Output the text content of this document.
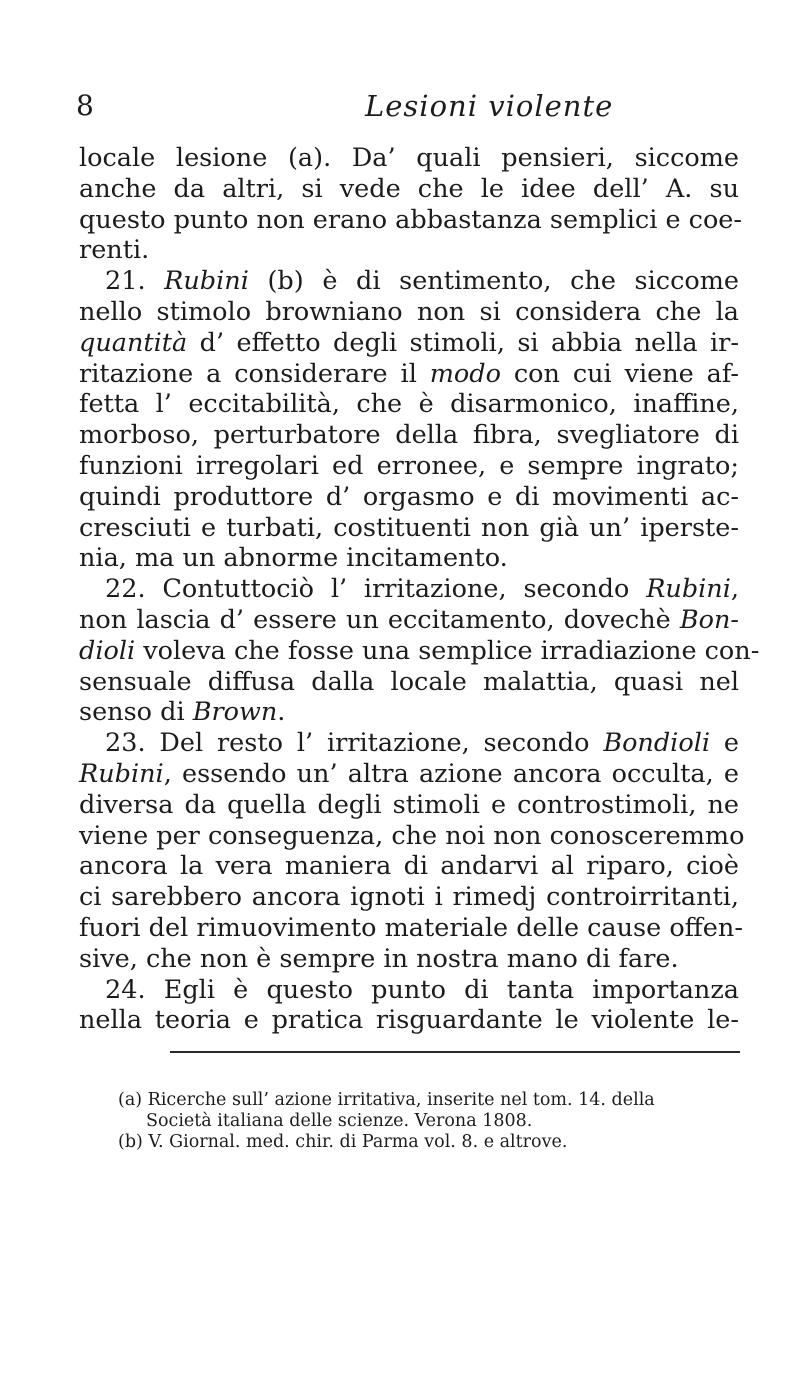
8	Lesioni violente
locale lesione (a). Da’ quali pensieri, siccome
anche da altri, si vede che le idee dell’ A. su
questo punto non erano abbastanza semplici e coe-
renti.
21. Rubini (b) è di sentimento, che siccome
nello stimolo browniano non si considera che la
quantità d’ effetto degli stimoli, si abbia nella ir-
ritazione a considerare il modo con cui viene af-
fetta l’ eccitabilità, che è disarmonico, inaffine,
morboso, perturbatore della fibra, svegliatore di
funzioni irregolari ed erronee, e sempre ingrato;
quindi produttore d’ orgasmo e di movimenti ac-
cresciuti e turbati, costituenti non già un’ iperste-
nia, ma un abnorme incitamento.
22. Contuttociò l’ irritazione, secondo Rubini,
non lascia d’ essere un eccitamento, dovechè Bon-
dioli voleva che fosse una semplice irradiazione con-
sensuale diffusa dalla locale malattia, quasi nel
senso di Brown.
23. Del resto l’ irritazione, secondo Bondioli e
Rubini, essendo un’ altra azione ancora occulta, e
diversa da quella degli stimoli e controstimoli, ne
viene per conseguenza, che noi non conosceremmo
ancora la vera maniera di andarvi al riparo, cioè
ci sarebbero ancora ignoti i rimedj controirritanti,
fuori del rimuovimento materiale delle cause offen-
sive, che non è sempre in nostra mano di fare.
24. Egli è questo punto di tanta importanza
nella teoria e pratica risguardante le violente le-
(a) Ricerche sull’ azione irritativa, inserite nel tom. 14. della
Società italiana delle scienze. Verona 1808.
(b) V. Giornal. med. chir. di Parma vol. 8. e altrove.
